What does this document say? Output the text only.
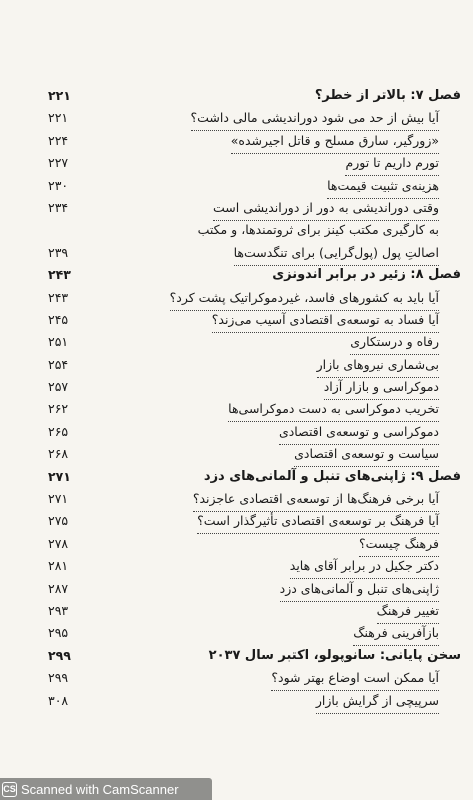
فصل ۷: بالاتر از خطر؟
۲۲۱
آیا بیش از حد می شود دوراندیشی مالی داشت؟
۲۲۱
«زورگیر، سارق مسلح و قاتل اجیرشده»
۲۲۴
تورم داریم تا تورم
۲۲۷
هزینه‌ی تثبیت قیمت‌ها
۲۳۰
وقتی دوراندیشی به دور از دوراندیشی است
۲۳۴
به کارگیری مکتب کینز برای ثروتمندها، و مکتب
اصالتِ پول (پول‌گرایی) برای تنگدست‌ها
۲۳۹
فصل ۸: زئیر در برابر اندونزی
۲۴۳
آیا باید به کشورهای فاسد، غیردموکراتیک پشت کرد؟
۲۴۳
آیا فساد به توسعه‌ی اقتصادی آسیب می‌زند؟
۲۴۵
رفاه و درستکاری
۲۵۱
بی‌شماری نیروهای بازار
۲۵۴
دموکراسی و بازار آزاد
۲۵۷
تخریب دموکراسی به دست دموکراسی‌ها
۲۶۲
دموکراسی و توسعه‌ی اقتصادی
۲۶۵
سیاست و توسعه‌ی اقتصادی
۲۶۸
فصل ۹: ژاپنی‌های تنبل و آلمانی‌های دزد
۲۷۱
آیا برخی فرهنگ‌ها از توسعه‌ی اقتصادی عاجزند؟
۲۷۱
آیا فرهنگ بر توسعه‌ی اقتصادی تأثیرگذار است؟
۲۷۵
فرهنگ چیست؟
۲۷۸
دکتر جکیل در برابر آقای هاید
۲۸۱
ژاپنی‌های تنبل و آلمانی‌های دزد
۲۸۷
تغییر فرهنگ
۲۹۳
بازآفرینی فرهنگ
۲۹۵
سخن پایانی: سانوپولو، اکتبر سال ۲۰۳۷
۲۹۹
آیا ممکن است اوضاع بهتر شود؟
۲۹۹
سرپیچی از گرایش بازار
۳۰۸
CS Scanned with CamScanner
